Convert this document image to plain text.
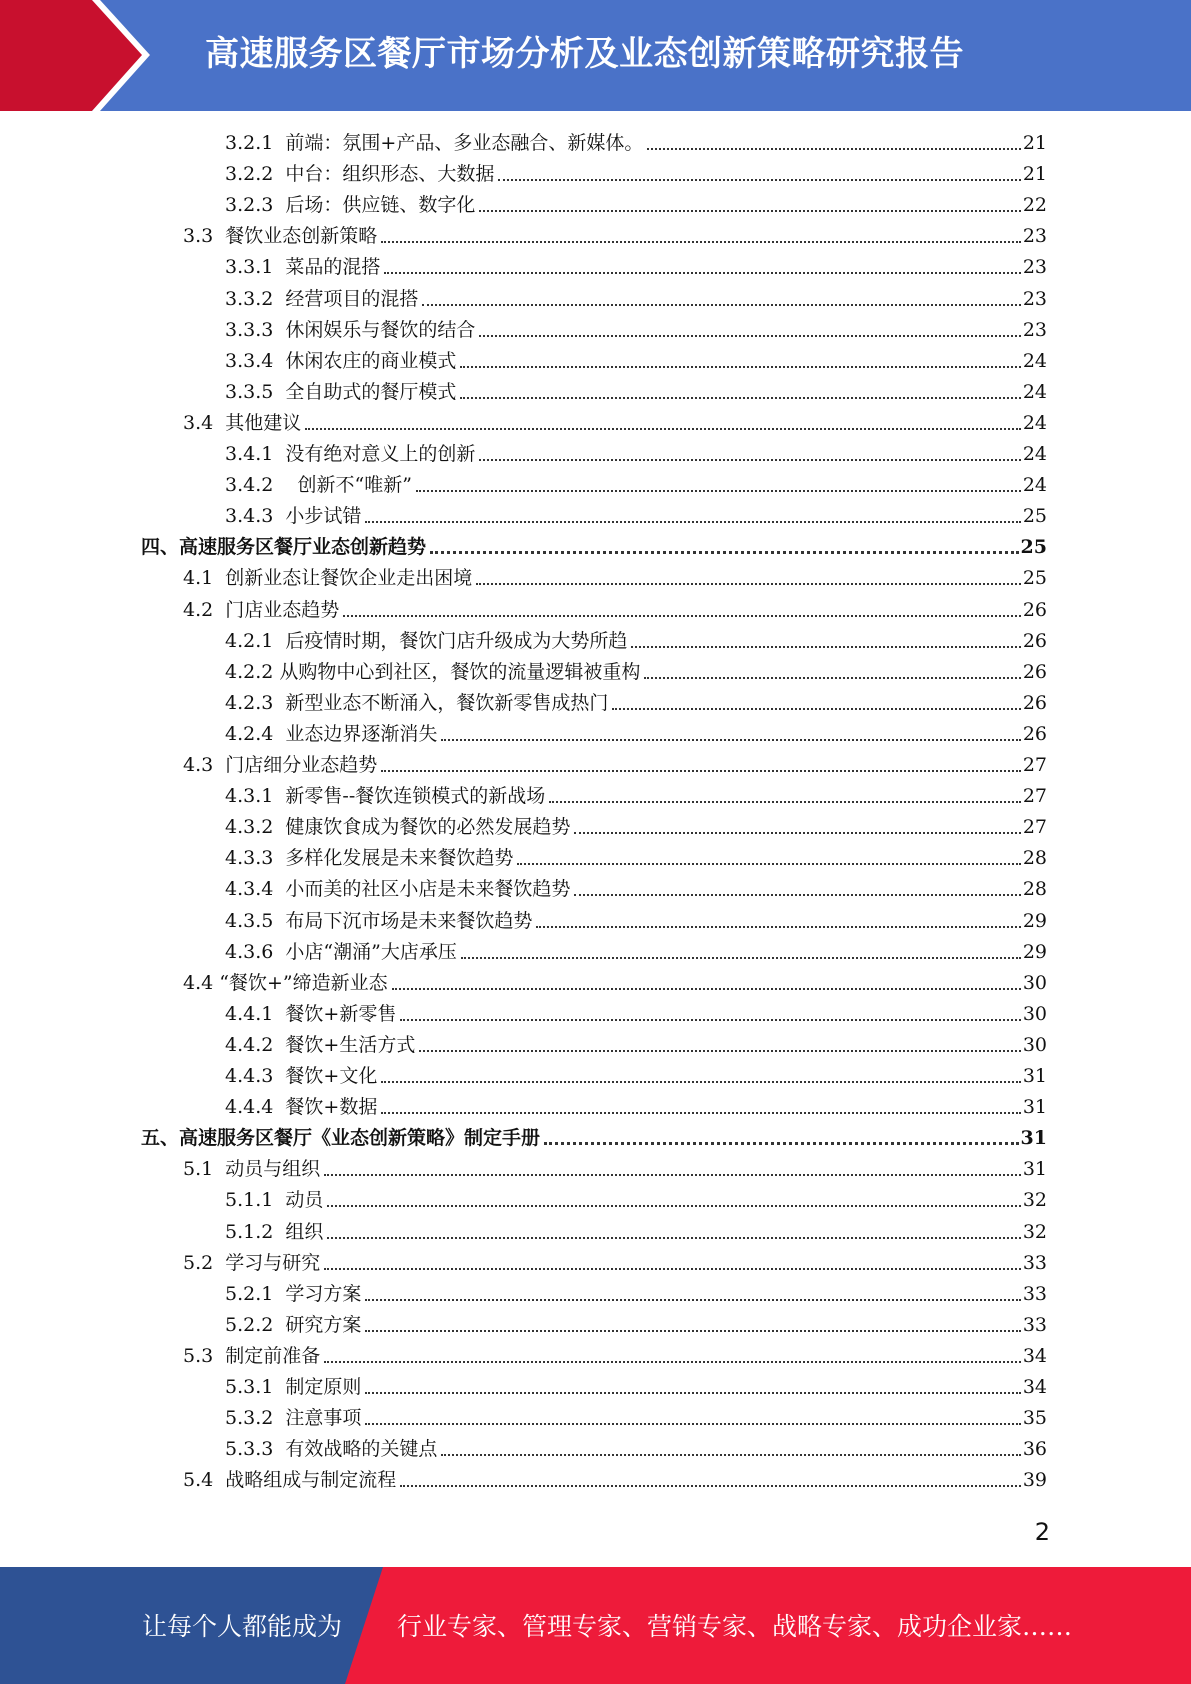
高速服务区餐厅市场分析及业态创新策略研究报告
3.2.1  前端：氛围+产品、多业态融合、新媒体。	21
3.2.2  中台：组织形态、大数据	21
3.2.3  后场：供应链、数字化	22
3.3  餐饮业态创新策略	23
3.3.1  菜品的混搭	23
3.3.2  经营项目的混搭	23
3.3.3  休闲娱乐与餐饮的结合	23
3.3.4  休闲农庄的商业模式	24
3.3.5  全自助式的餐厅模式	24
3.4  其他建议	24
3.4.1  没有绝对意义上的创新	24
3.4.2    创新不“唯新”	24
3.4.3  小步试错	25
四、高速服务区餐厅业态创新趋势	25
4.1  创新业态让餐饮企业走出困境	25
4.2  门店业态趋势	26
4.2.1  后疫情时期，餐饮门店升级成为大势所趋	26
4.2.2 从购物中心到社区，餐饮的流量逻辑被重构	26
4.2.3  新型业态不断涌入，餐饮新零售成热门	26
4.2.4  业态边界逐渐消失	26
4.3  门店细分业态趋势	27
4.3.1  新零售--餐饮连锁模式的新战场	27
4.3.2  健康饮食成为餐饮的必然发展趋势	27
4.3.3  多样化发展是未来餐饮趋势	28
4.3.4  小而美的社区小店是未来餐饮趋势	28
4.3.5  布局下沉市场是未来餐饮趋势	29
4.3.6  小店“潮涌”大店承压	29
4.4 “餐饮+”缔造新业态	30
4.4.1  餐饮+新零售	30
4.4.2  餐饮+生活方式	30
4.4.3  餐饮+文化	31
4.4.4  餐饮+数据	31
五、高速服务区餐厅《业态创新策略》制定手册	31
5.1  动员与组织	31
5.1.1  动员	32
5.1.2  组织	32
5.2  学习与研究	33
5.2.1  学习方案	33
5.2.2  研究方案	33
5.3  制定前准备	34
5.3.1  制定原则	34
5.3.2  注意事项	35
5.3.3  有效战略的关键点	36
5.4  战略组成与制定流程	39
2
让每个人都能成为 行业专家、管理专家、营销专家、战略专家、成功企业家……
